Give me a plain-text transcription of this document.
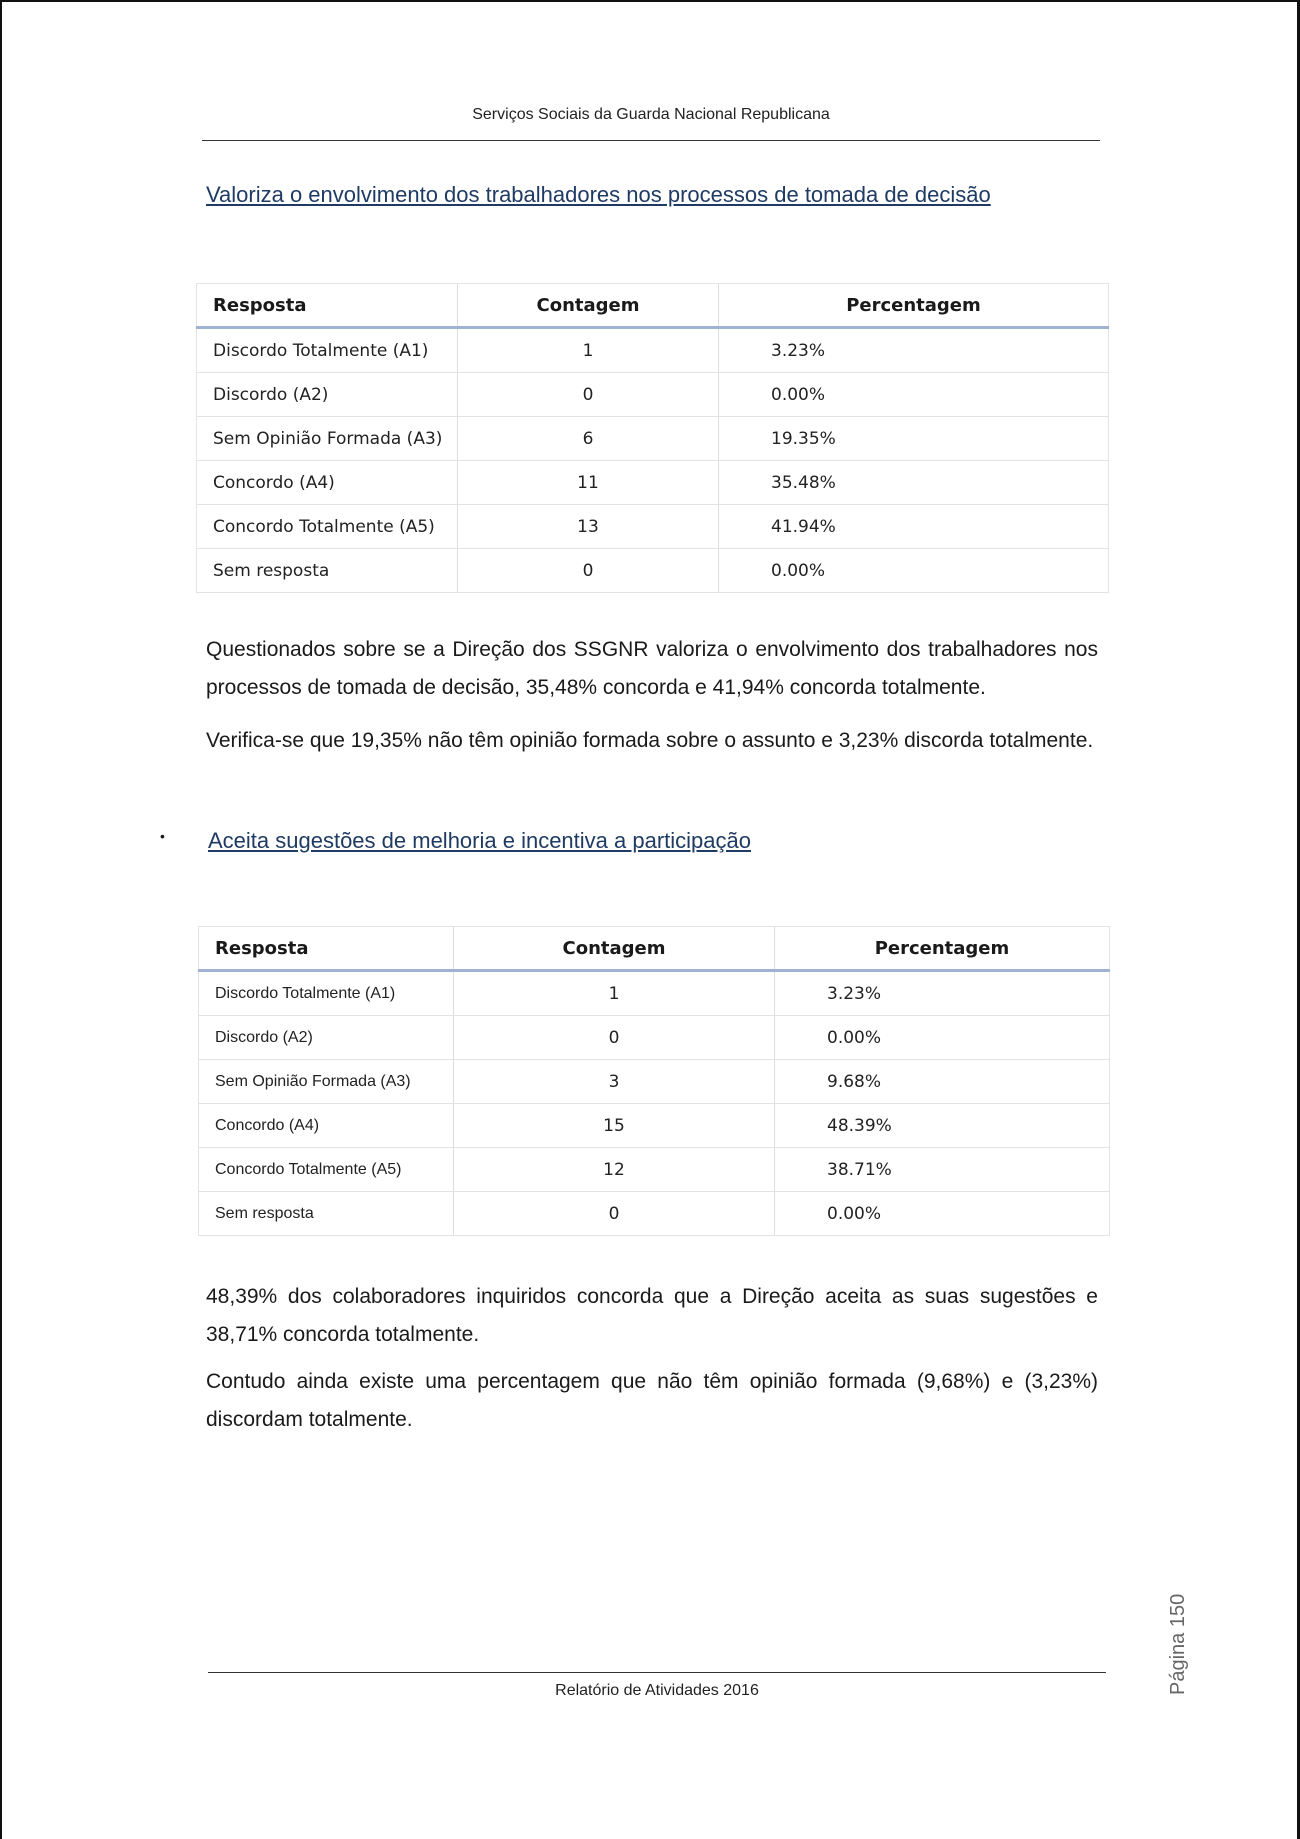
Serviços Sociais da Guarda Nacional Republicana
Valoriza o envolvimento dos trabalhadores nos processos de tomada de decisão
Resposta	Contagem	Percentagem
Discordo Totalmente (A1)	1	3.23%
Discordo (A2)	0	0.00%
Sem Opinião Formada (A3)	6	19.35%
Concordo (A4)	11	35.48%
Concordo Totalmente (A5)	13	41.94%
Sem resposta	0	0.00%
Questionados sobre se a Direção dos SSGNR valoriza o envolvimento dos trabalhadores nos processos de tomada de decisão, 35,48% concorda e 41,94% concorda totalmente.
Verifica-se que 19,35% não têm opinião formada sobre o assunto e 3,23% discorda totalmente.
• Aceita sugestões de melhoria e incentiva a participação
Resposta	Contagem	Percentagem
Discordo Totalmente (A1)	1	3.23%
Discordo (A2)	0	0.00%
Sem Opinião Formada (A3)	3	9.68%
Concordo (A4)	15	48.39%
Concordo Totalmente (A5)	12	38.71%
Sem resposta	0	0.00%
48,39% dos colaboradores inquiridos concorda que a Direção aceita as suas sugestões e 38,71% concorda totalmente.
Contudo ainda existe uma percentagem que não têm opinião formada (9,68%) e (3,23%) discordam totalmente.
Página 150
Relatório de Atividades 2016
